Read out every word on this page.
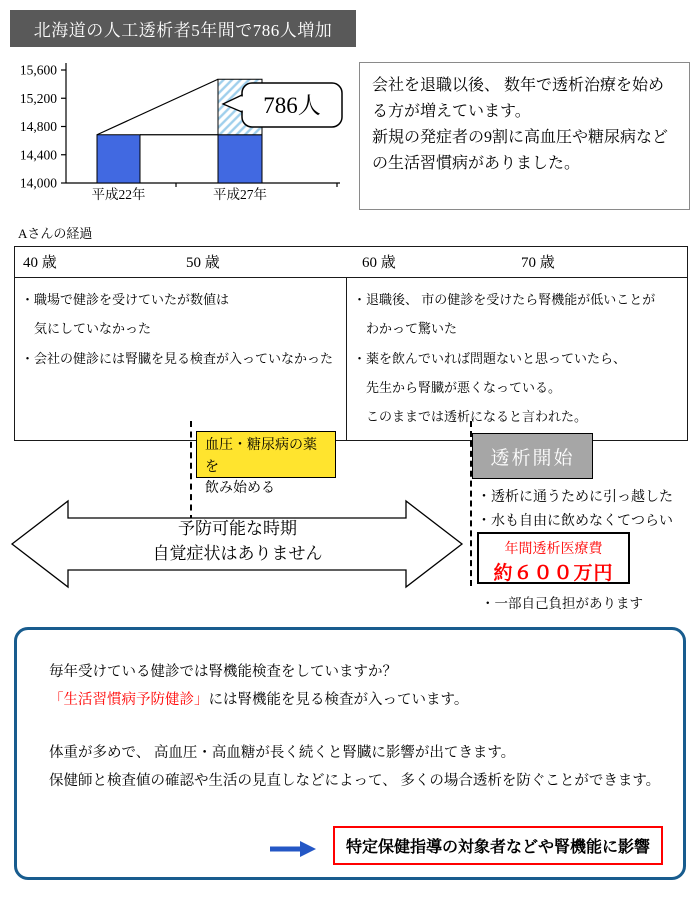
北海道の人工透析者5年間で786人増加
15,600
15,200
14,800
14,400
14,000
平成22年	平成27年
786人
会社を退職以後、 数年で透析治療を始める方が増えています。
新規の発症者の9割に高血圧や糖尿病などの生活習慣病がありました。
Aさんの経過
40 歳	50 歳	60 歳	70 歳
・職場で健診を受けていたが数値は
　気にしていなかった
・会社の健診には腎臓を見る検査が入っていなかった
・退職後、 市の健診を受けたら腎機能が低いことが
　わかって驚いた
・薬を飲んでいれば問題ないと思っていたら、
　先生から腎臓が悪くなっている。
　このままでは透析になると言われた。
血圧・糖尿病の薬を
飲み始める
透析開始
・透析に通うために引っ越した
・水も自由に飲めなくてつらい
年間透析医療費
約６００万円
・一部自己負担があります
予防可能な時期
自覚症状はありません
毎年受けている健診では腎機能検査をしていますか？
「生活習慣病予防健診」には腎機能を見る検査が入っています。
体重が多めで、 高血圧・高血糖が長く続くと腎臓に影響が出てきます。
保健師と検査値の確認や生活の見直しなどによって、 多くの場合透析を防ぐことができます。
特定保健指導の対象者などや腎機能に影響
